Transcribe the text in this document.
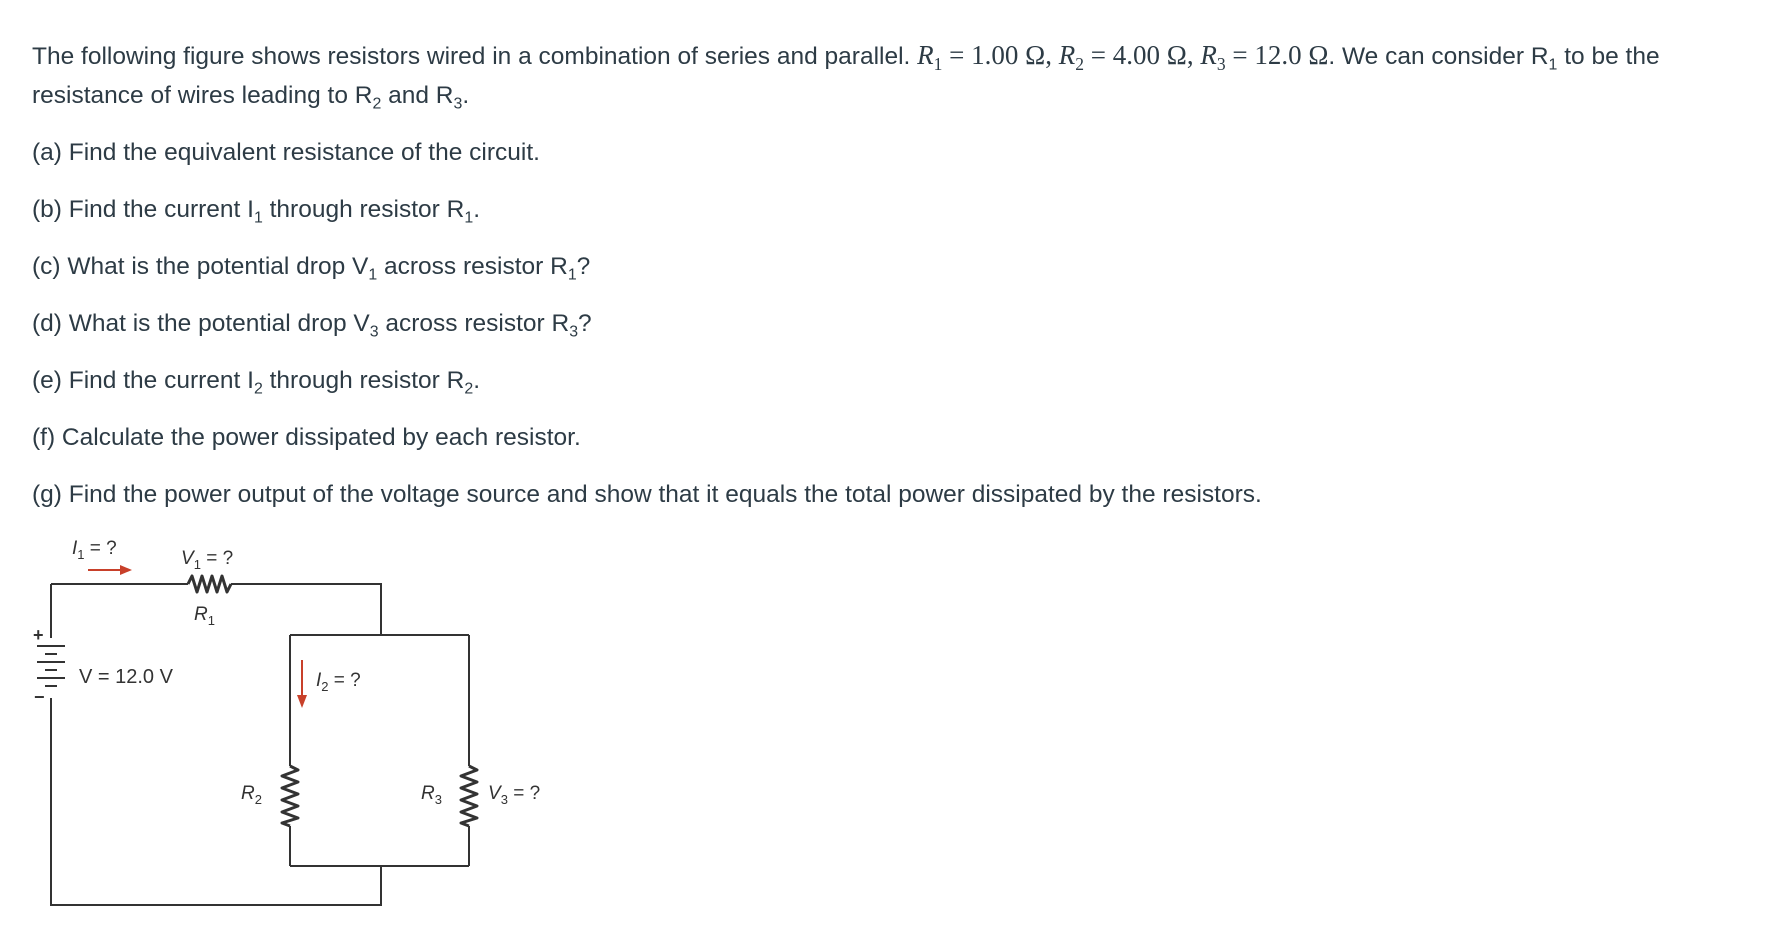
The following figure shows resistors wired in a combination of series and parallel. $R_1 = 1.00$ Ω, $R_2 = 4.00$ Ω, $R_3 = 12.0$ Ω. We can consider $R_1$ to be the resistance of wires leading to $R_2$ and $R_3$.

(a) Find the equivalent resistance of the circuit.

(b) Find the current $I_1$ through resistor $R_1$.

(c) What is the potential drop $V_1$ across resistor $R_1$?

(d) What is the potential drop $V_3$ across resistor $R_3$?

(e) Find the current $I_2$ through resistor $R_2$.

(f) Calculate the power dissipated by each resistor.

(g) Find the power output of the voltage source and show that it equals the total power dissipated by the resistors.

+
−
V = 12.0 V
$I_1$ = ?	$V_1$ = ?
$R_1$
$I_2$ = ?
$R_2$	$R_3$ $V_3$ = ?
